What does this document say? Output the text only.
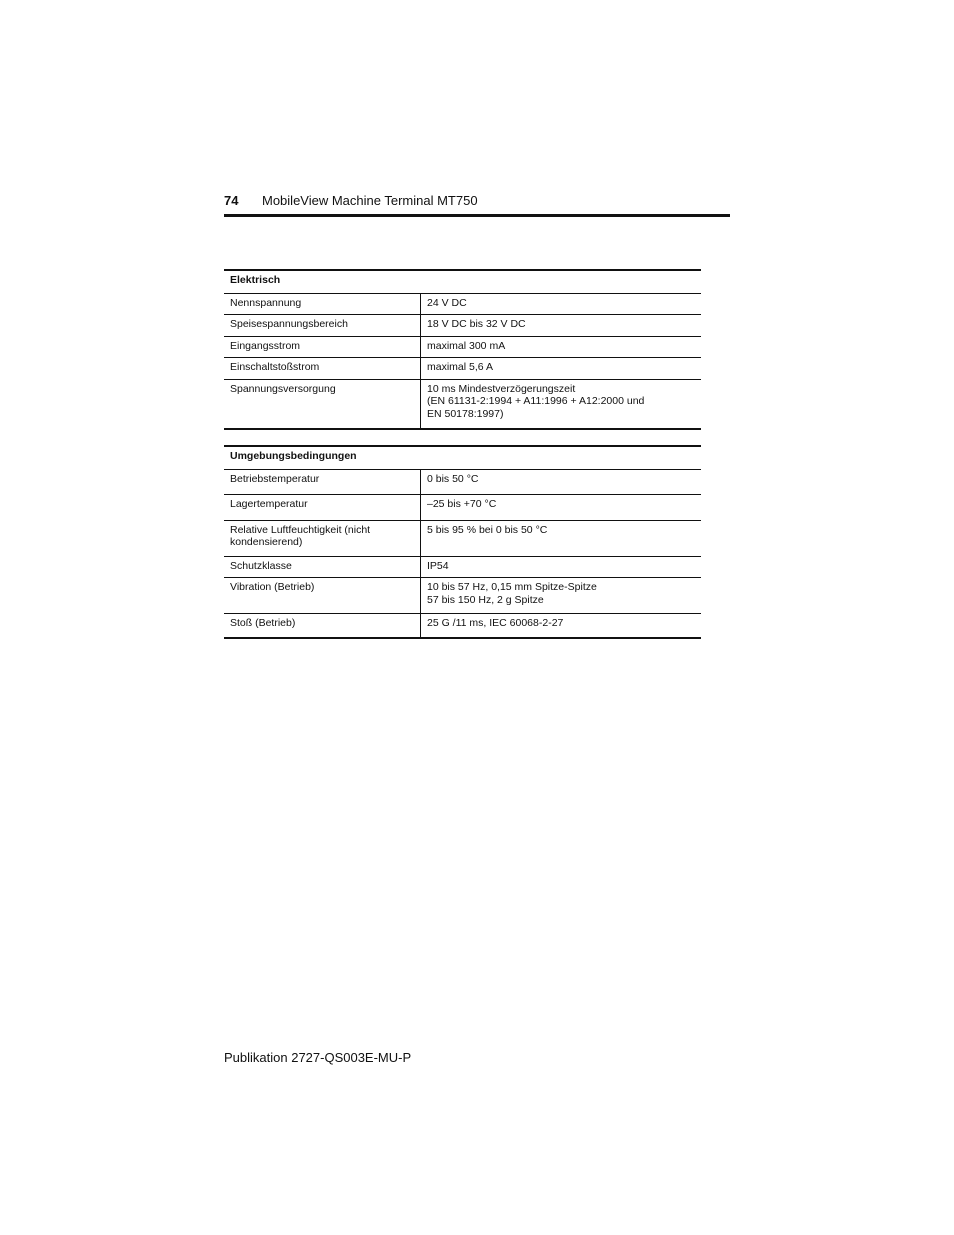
74 MobileView Machine Terminal MT750
Elektrisch	
Nennspannung	24 V DC

Speisespannungsbereich	18 V DC bis 32 V DC

Eingangsstrom	maximal 300 mA

Einschaltstoßstrom	maximal 5,6 A

Spannungsversorgung	10 ms Mindestverzögerungszeit
(EN 61131-2:1994 + A11:1996 + A12:2000 und
EN 50178:1997)
Umgebungsbedingungen	
Betriebstemperatur	0 bis 50 °C

Lagertemperatur	–25 bis +70 °C

Relative Luftfeuchtigkeit (nicht kondensierend)	5 bis 95 % bei 0 bis 50 °C

Schutzklasse	IP54

Vibration (Betrieb)	10 bis 57 Hz, 0,15 mm Spitze-Spitze
57 bis 150 Hz, 2 g Spitze

Stoß (Betrieb)	25 G /11 ms, IEC 60068-2-27
Publikation 2727-QS003E-MU-P
